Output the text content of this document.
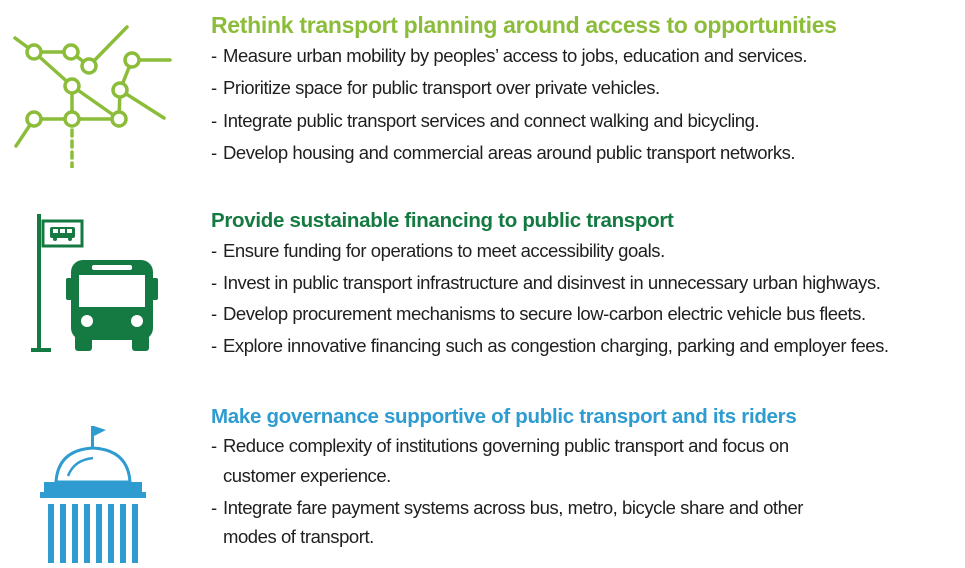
Rethink transport planning around access to opportunities
- Measure urban mobility by peoples’ access to jobs, education and services.
- Prioritize space for public transport over private vehicles.
- Integrate public transport services and connect walking and bicycling.
- Develop housing and commercial areas around public transport networks.
Provide sustainable financing to public transport
- Ensure funding for operations to meet accessibility goals.
- Invest in public transport infrastructure and disinvest in unnecessary urban highways.
- Develop procurement mechanisms to secure low-carbon electric vehicle bus fleets.
- Explore innovative financing such as congestion charging, parking and employer fees.
Make governance supportive of public transport and its riders
- Reduce complexity of institutions governing public transport and focus on
customer experience.
- Integrate fare payment systems across bus, metro, bicycle share and other
modes of transport.
